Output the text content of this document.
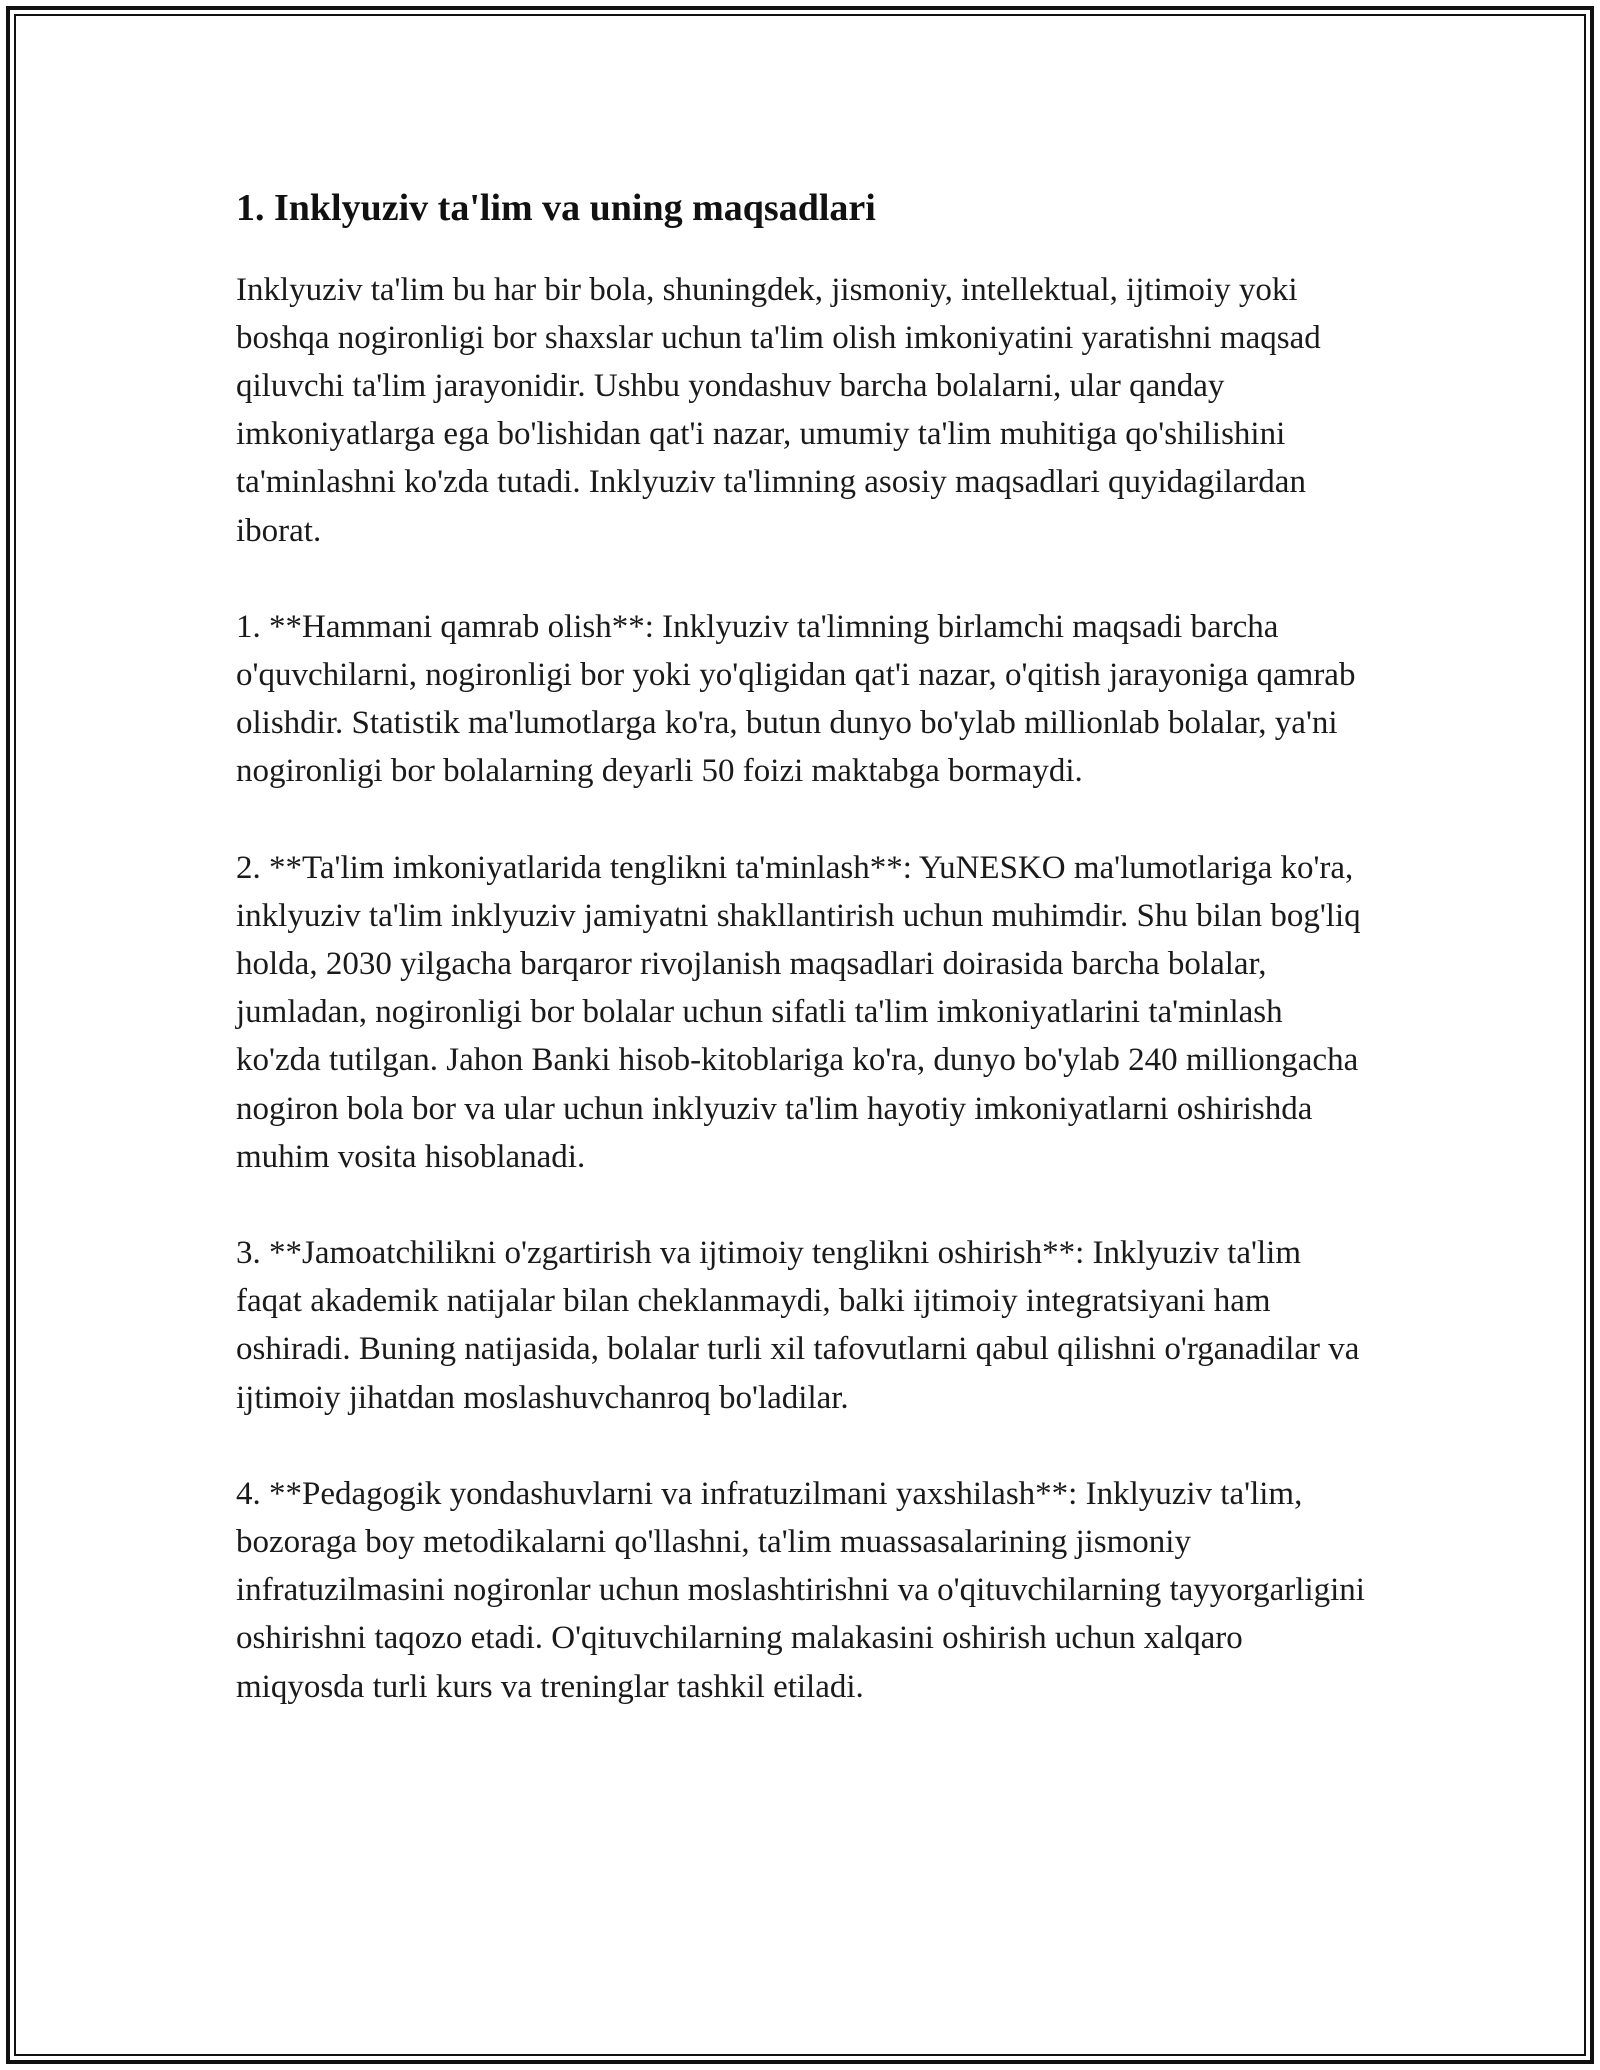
1. Inklyuziv ta'lim va uning maqsadlari

Inklyuziv ta'lim bu har bir bola, shuningdek, jismoniy, intellektual, ijtimoiy yoki boshqa nogironligi bor shaxslar uchun ta'lim olish imkoniyatini yaratishni maqsad qiluvchi ta'lim jarayonidir. Ushbu yondashuv barcha bolalarni, ular qanday imkoniyatlarga ega bo'lishidan qat'i nazar, umumiy ta'lim muhitiga qo'shilishini ta'minlashni ko'zda tutadi. Inklyuziv ta'limning asosiy maqsadlari quyidagilardan iborat.

1. **Hammani qamrab olish**: Inklyuziv ta'limning birlamchi maqsadi barcha o'quvchilarni, nogironligi bor yoki yo'qligidan qat'i nazar, o'qitish jarayoniga qamrab olishdir. Statistik ma'lumotlarga ko'ra, butun dunyo bo'ylab millionlab bolalar, ya'ni nogironligi bor bolalarning deyarli 50 foizi maktabga bormaydi.

2. **Ta'lim imkoniyatlarida tenglikni ta'minlash**: YuNESKO ma'lumotlariga ko'ra, inklyuziv ta'lim inklyuziv jamiyatni shakllantirish uchun muhimdir. Shu bilan bog'liq holda, 2030 yilgacha barqaror rivojlanish maqsadlari doirasida barcha bolalar, jumladan, nogironligi bor bolalar uchun sifatli ta'lim imkoniyatlarini ta'minlash ko'zda tutilgan. Jahon Banki hisob-kitoblariga ko'ra, dunyo bo'ylab 240 milliongacha nogiron bola bor va ular uchun inklyuziv ta'lim hayotiy imkoniyatlarni oshirishda muhim vosita hisoblanadi.

3. **Jamoatchilikni o'zgartirish va ijtimoiy tenglikni oshirish**: Inklyuziv ta'lim faqat akademik natijalar bilan cheklanmaydi, balki ijtimoiy integratsiyani ham oshiradi. Buning natijasida, bolalar turli xil tafovutlarni qabul qilishni o'rganadilar va ijtimoiy jihatdan moslashuvchanroq bo'ladilar.

4. **Pedagogik yondashuvlarni va infratuzilmani yaxshilash**: Inklyuziv ta'lim, bozoraga boy metodikalarni qo'llashni, ta'lim muassasalarining jismoniy infratuzilmasini nogironlar uchun moslashtirishni va o'qituvchilarning tayyorgarligini oshirishni taqozo etadi. O'qituvchilarning malakasini oshirish uchun xalqaro miqyosda turli kurs va treninglar tashkil etiladi.
